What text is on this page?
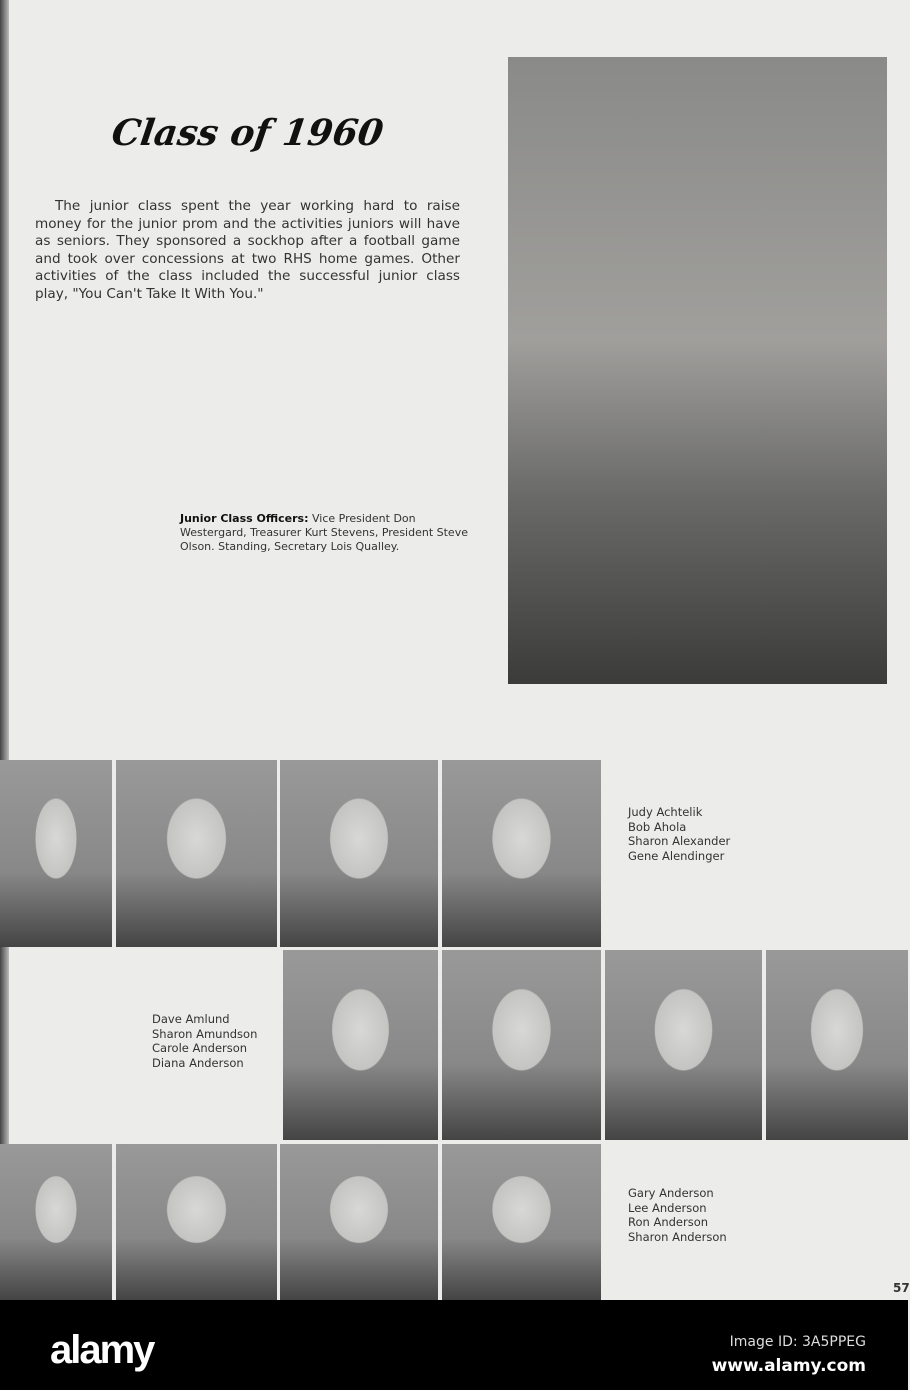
Class of 1960
The junior class spent the year working hard to raise money for the junior prom and the activities juniors will have as seniors. They sponsored a sockhop after a football game and took over concessions at two RHS home games. Other activities of the class included the successful junior class play, "You Can't Take It With You."
Junior Class Officers: Vice President Don Westergard, Treasurer Kurt Stevens, President Steve Olson. Standing, Secretary Lois Qualley.
Judy Achtelik
Bob Ahola
Sharon Alexander
Gene Alendinger
Dave Amlund
Sharon Amundson
Carole Anderson
Diana Anderson
Gary Anderson
Lee Anderson
Ron Anderson
Sharon Anderson
57
alamy	Image ID: 3A5PPEG
www.alamy.com
